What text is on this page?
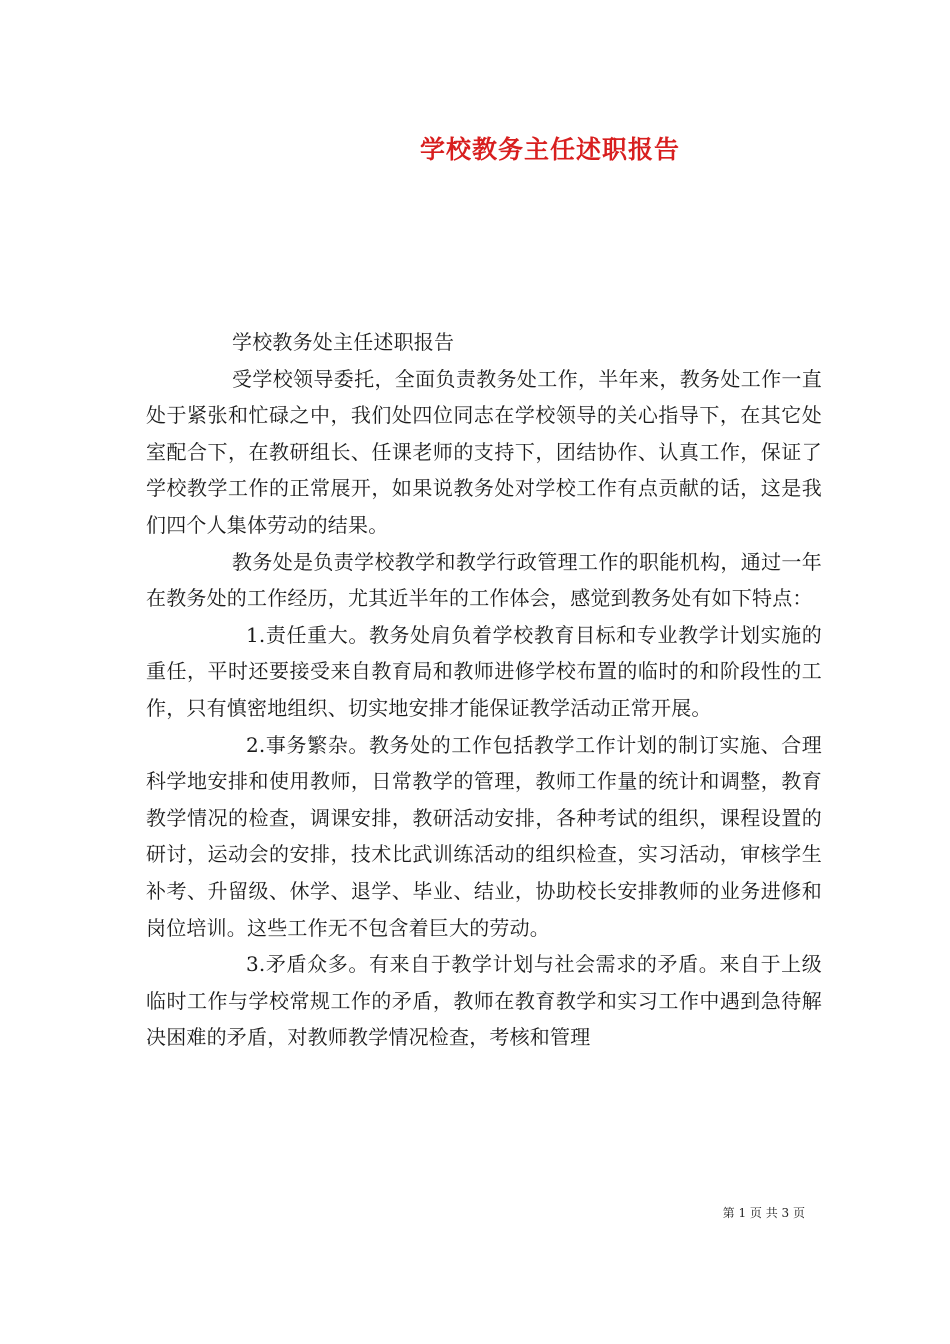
学校教务主任述职报告

学校教务处主任述职报告

受学校领导委托，全面负责教务处工作，半年来，教务处工作一直处于紧张和忙碌之中，我们处四位同志在学校领导的关心指导下，在其它处室配合下，在教研组长、任课老师的支持下，团结协作、认真工作，保证了学校教学工作的正常展开，如果说教务处对学校工作有点贡献的话，这是我们四个人集体劳动的结果。

教务处是负责学校教学和教学行政管理工作的职能机构，通过一年在教务处的工作经历，尤其近半年的工作体会，感觉到教务处有如下特点：

1.责任重大。教务处肩负着学校教育目标和专业教学计划实施的重任，平时还要接受来自教育局和教师进修学校布置的临时的和阶段性的工作，只有慎密地组织、切实地安排才能保证教学活动正常开展。

2.事务繁杂。教务处的工作包括教学工作计划的制订实施、合理科学地安排和使用教师，日常教学的管理，教师工作量的统计和调整，教育教学情况的检查，调课安排，教研活动安排，各种考试的组织，课程设置的研讨，运动会的安排，技术比武训练活动的组织检查，实习活动，审核学生补考、升留级、休学、退学、毕业、结业，协助校长安排教师的业务进修和岗位培训。这些工作无不包含着巨大的劳动。

3.矛盾众多。有来自于教学计划与社会需求的矛盾。来自于上级临时工作与学校常规工作的矛盾，教师在教育教学和实习工作中遇到急待解决困难的矛盾，对教师教学情况检查，考核和管理

第 1 页 共 3 页
